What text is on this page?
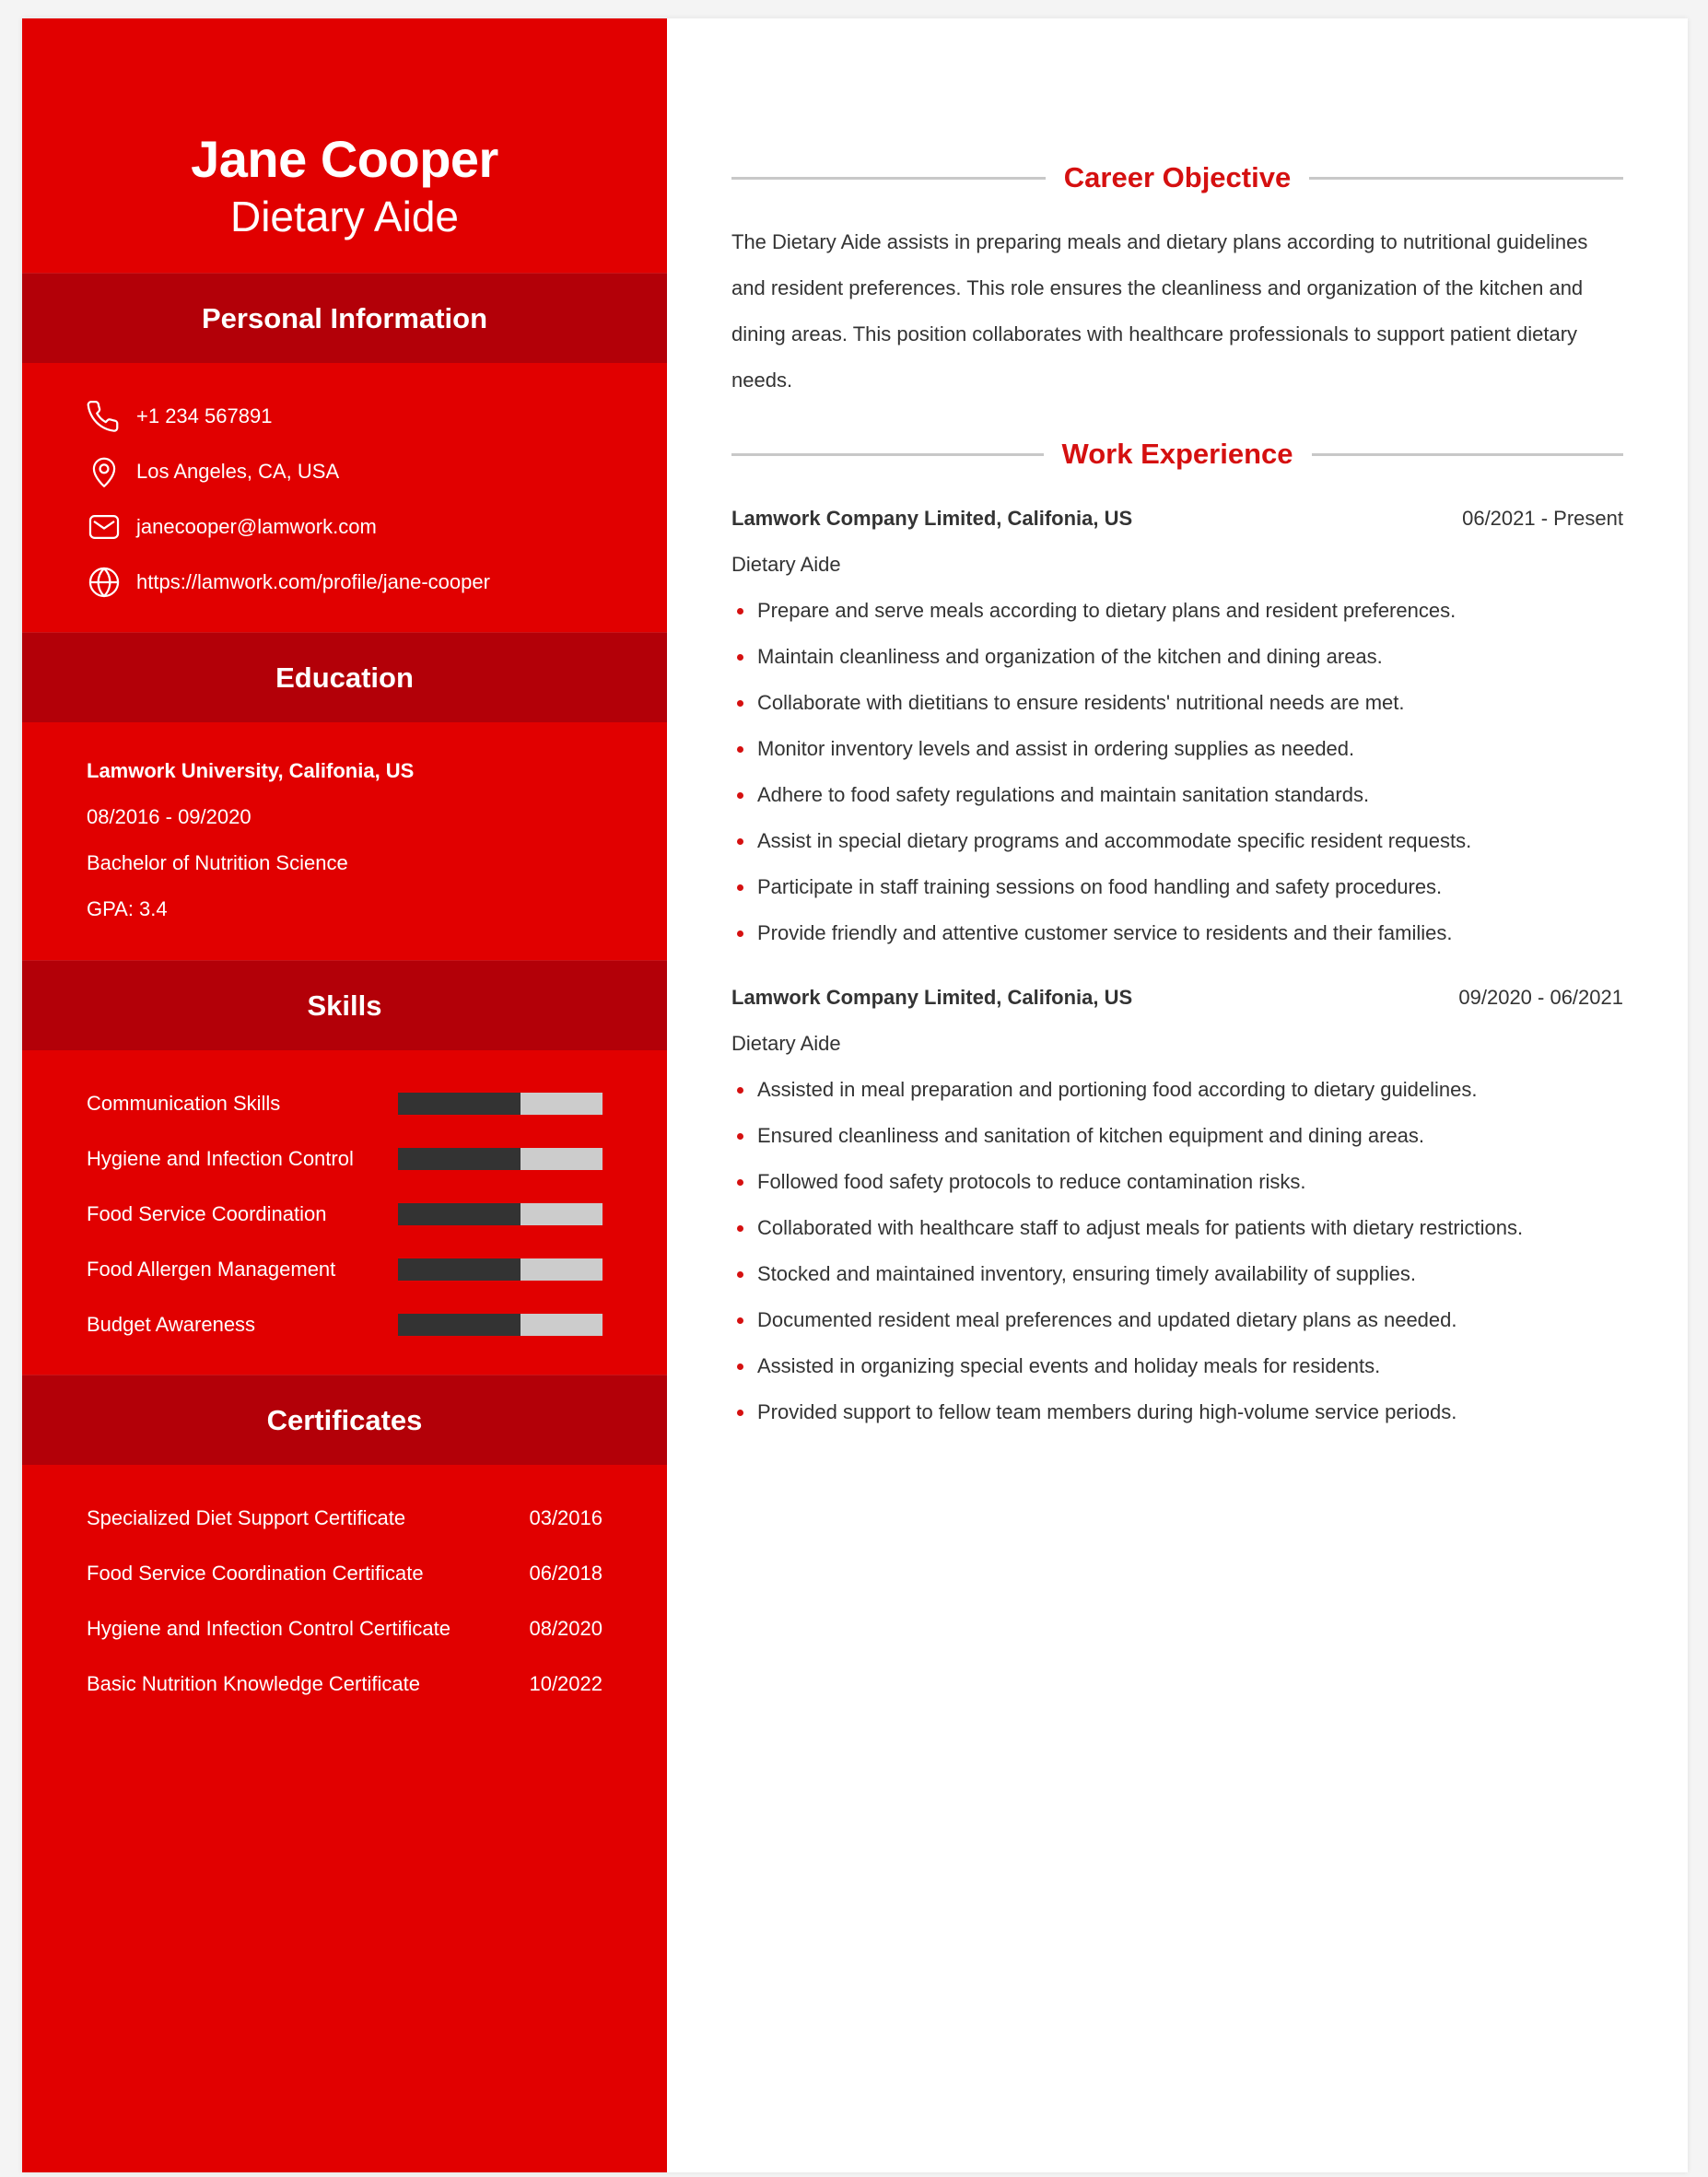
Jane Cooper
Dietary Aide
Personal Information
+1 234 567891
Los Angeles, CA, USA
janecooper@lamwork.com
https://lamwork.com/profile/jane-cooper
Education
Lamwork University, Califonia, US
08/2016 - 09/2020
Bachelor of Nutrition Science
GPA: 3.4
Skills
Communication Skills
Hygiene and Infection Control
Food Service Coordination
Food Allergen Management
Budget Awareness
Certificates
Specialized Diet Support Certificate	03/2016
Food Service Coordination Certificate	06/2018
Hygiene and Infection Control Certificate	08/2020
Basic Nutrition Knowledge Certificate	10/2022
Career Objective
The Dietary Aide assists in preparing meals and dietary plans according to nutritional guidelines and resident preferences. This role ensures the cleanliness and organization of the kitchen and dining areas. This position collaborates with healthcare professionals to support patient dietary needs.
Work Experience
Lamwork Company Limited, Califonia, US	06/2021 - Present
Dietary Aide
Prepare and serve meals according to dietary plans and resident preferences.
Maintain cleanliness and organization of the kitchen and dining areas.
Collaborate with dietitians to ensure residents' nutritional needs are met.
Monitor inventory levels and assist in ordering supplies as needed.
Adhere to food safety regulations and maintain sanitation standards.
Assist in special dietary programs and accommodate specific resident requests.
Participate in staff training sessions on food handling and safety procedures.
Provide friendly and attentive customer service to residents and their families.
Lamwork Company Limited, Califonia, US	09/2020 - 06/2021
Dietary Aide
Assisted in meal preparation and portioning food according to dietary guidelines.
Ensured cleanliness and sanitation of kitchen equipment and dining areas.
Followed food safety protocols to reduce contamination risks.
Collaborated with healthcare staff to adjust meals for patients with dietary restrictions.
Stocked and maintained inventory, ensuring timely availability of supplies.
Documented resident meal preferences and updated dietary plans as needed.
Assisted in organizing special events and holiday meals for residents.
Provided support to fellow team members during high-volume service periods.
